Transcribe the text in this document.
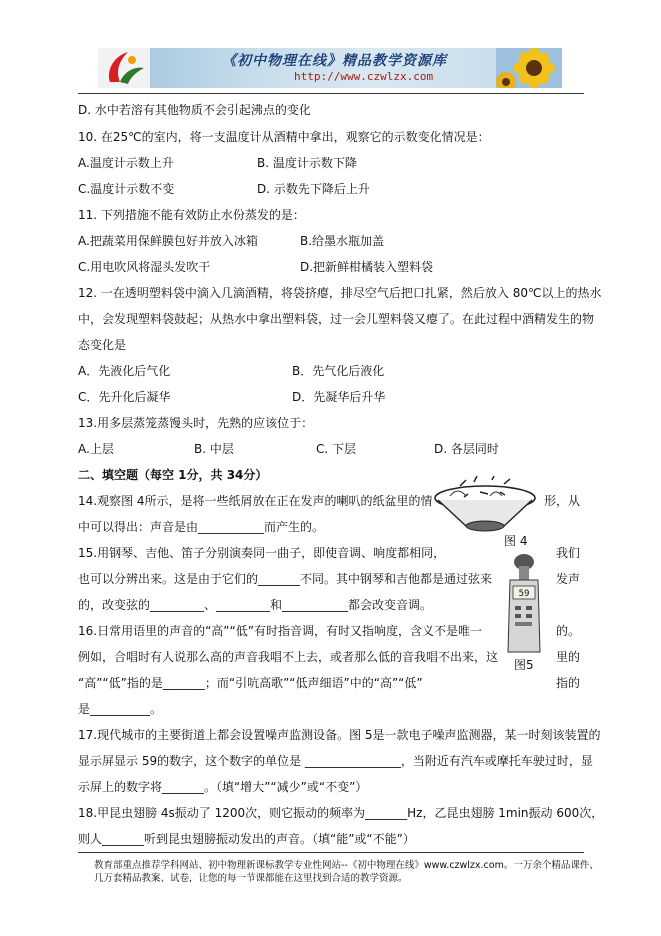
《初中物理在线》精品教学资源库
http://www.czwlzx.com
D. 水中若溶有其他物质不会引起沸点的变化
10. 在25℃的室内，将一支温度计从酒精中拿出，观察它的示数变化情况是：
A.温度计示数上升	B. 温度计示数下降
C.温度计示数不变	D. 示数先下降后上升
11. 下列措施不能有效防止水份蒸发的是：
A.把蔬菜用保鲜膜包好并放入冰箱	B.给墨水瓶加盖
C.用电吹风将湿头发吹干	D.把新鲜柑橘装入塑料袋
12. 一在透明塑料袋中滴入几滴酒精，将袋挤瘪，排尽空气后把口扎紧，然后放入 80℃以上的热水
中，会发现塑料袋鼓起；从热水中拿出塑料袋，过一会儿塑料袋又瘪了。在此过程中酒精发生的物
态变化是
A．先液化后气化	B．先气化后液化
C．先升化后凝华	D．先凝华后升华
13.用多层蒸笼蒸馒头时，先熟的应该位于：
A.上层	B. 中层	C. 下层	D. 各层同时
二、填空题（每空 1分，共 34分）
14.观察图 4所示，是将一些纸屑放在正在发声的喇叭的纸盆里的情	形，从
中可以得出：声音是由___________而产生的。
15.用钢琴、吉他、笛子分别演奏同一曲子，即使音调、响度都相同，	我们
也可以分辨出来。这是由于它们的_______不同。其中钢琴和吉他都是通过弦来	发声
的，改变弦的_________、_________和___________都会改变音调。
16.日常用语里的声音的“高”“低”有时指音调，有时又指响度，含义不是唯一	的。
例如，合唱时有人说那么高的声音我唱不上去，或者那么低的音我唱不出来，这	里的
“高”“低”指的是_______；而“引吭高歌”“低声细语”中的“高”“低”	指的
是__________。
17.现代城市的主要街道上都会设置噪声监测设备。图 5是一款电子噪声监测器，某一时刻该装置的
显示屏显示 59的数字，这个数字的单位是 ________________，当附近有汽车或摩托车驶过时，显
示屏上的数字将_______。（填“增大”“减少”或“不变”）
18.甲昆虫翅膀 4s振动了 1200次，则它振动的频率为_______Hz，乙昆虫翅膀 1min振动 600次，
则人_______听到昆虫翅膀振动发出的声音。（填“能”或“不能”）
图 4
59
图5
教育部重点推荐学科网站、初中物理新课标教学专业性网站--《初中物理在线》www.czwlzx.com。一万余个精品课件、
几万套精品教案、试卷，让您的每一节课都能在这里找到合适的教学资源。
